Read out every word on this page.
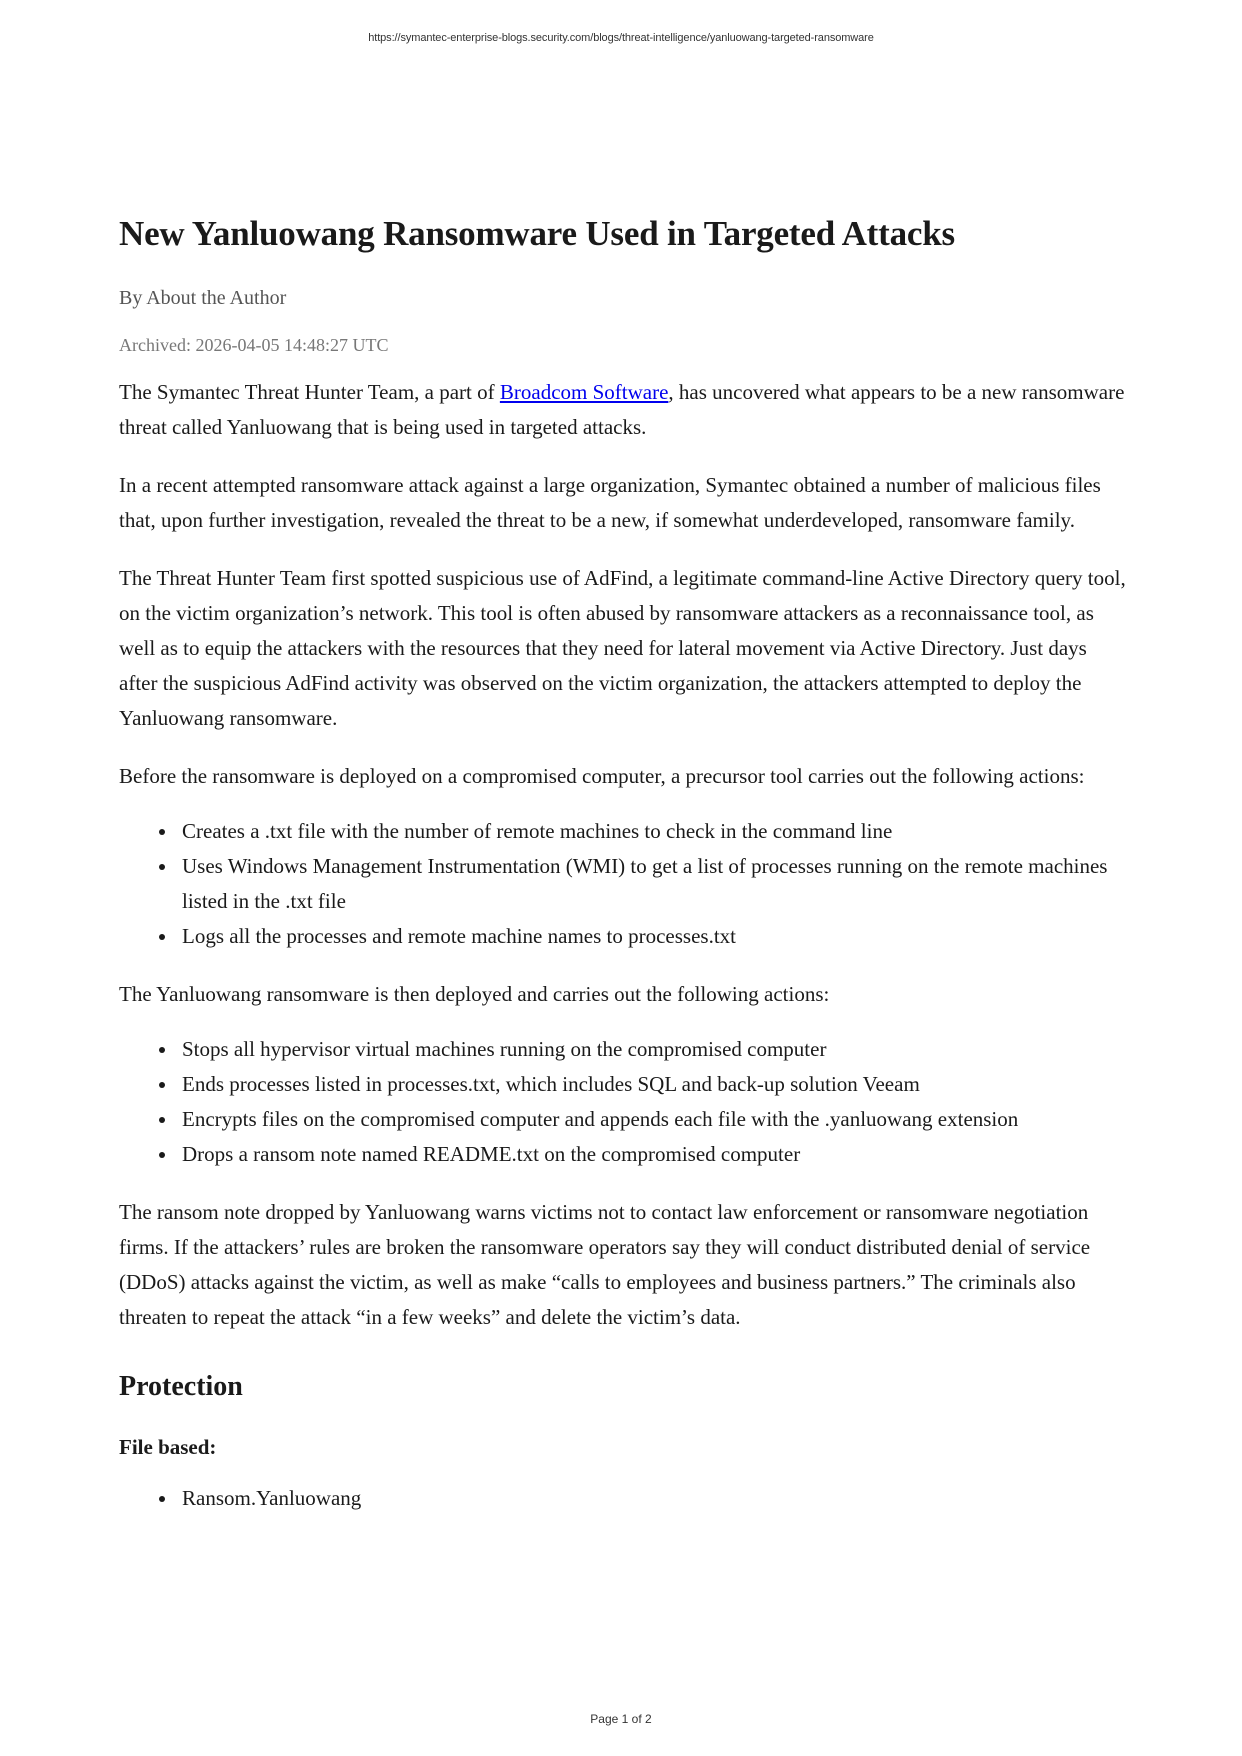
https://symantec-enterprise-blogs.security.com/blogs/threat-intelligence/yanluowang-targeted-ransomware
New Yanluowang Ransomware Used in Targeted Attacks
By About the Author
Archived: 2026-04-05 14:48:27 UTC

The Symantec Threat Hunter Team, a part of Broadcom Software, has uncovered what appears to be a new ransomware threat called Yanluowang that is being used in targeted attacks.

In a recent attempted ransomware attack against a large organization, Symantec obtained a number of malicious files that, upon further investigation, revealed the threat to be a new, if somewhat underdeveloped, ransomware family.

The Threat Hunter Team first spotted suspicious use of AdFind, a legitimate command-line Active Directory query tool, on the victim organization’s network. This tool is often abused by ransomware attackers as a reconnaissance tool, as well as to equip the attackers with the resources that they need for lateral movement via Active Directory. Just days after the suspicious AdFind activity was observed on the victim organization, the attackers attempted to deploy the Yanluowang ransomware.

Before the ransomware is deployed on a compromised computer, a precursor tool carries out the following actions:

Creates a .txt file with the number of remote machines to check in the command line
Uses Windows Management Instrumentation (WMI) to get a list of processes running on the remote machines listed in the .txt file
Logs all the processes and remote machine names to processes.txt

The Yanluowang ransomware is then deployed and carries out the following actions:

Stops all hypervisor virtual machines running on the compromised computer
Ends processes listed in processes.txt, which includes SQL and back-up solution Veeam
Encrypts files on the compromised computer and appends each file with the .yanluowang extension
Drops a ransom note named README.txt on the compromised computer

The ransom note dropped by Yanluowang warns victims not to contact law enforcement or ransomware negotiation firms. If the attackers’ rules are broken the ransomware operators say they will conduct distributed denial of service (DDoS) attacks against the victim, as well as make “calls to employees and business partners.” The criminals also threaten to repeat the attack “in a few weeks” and delete the victim’s data.

Protection
File based:
Ransom.Yanluowang
Page 1 of 2
